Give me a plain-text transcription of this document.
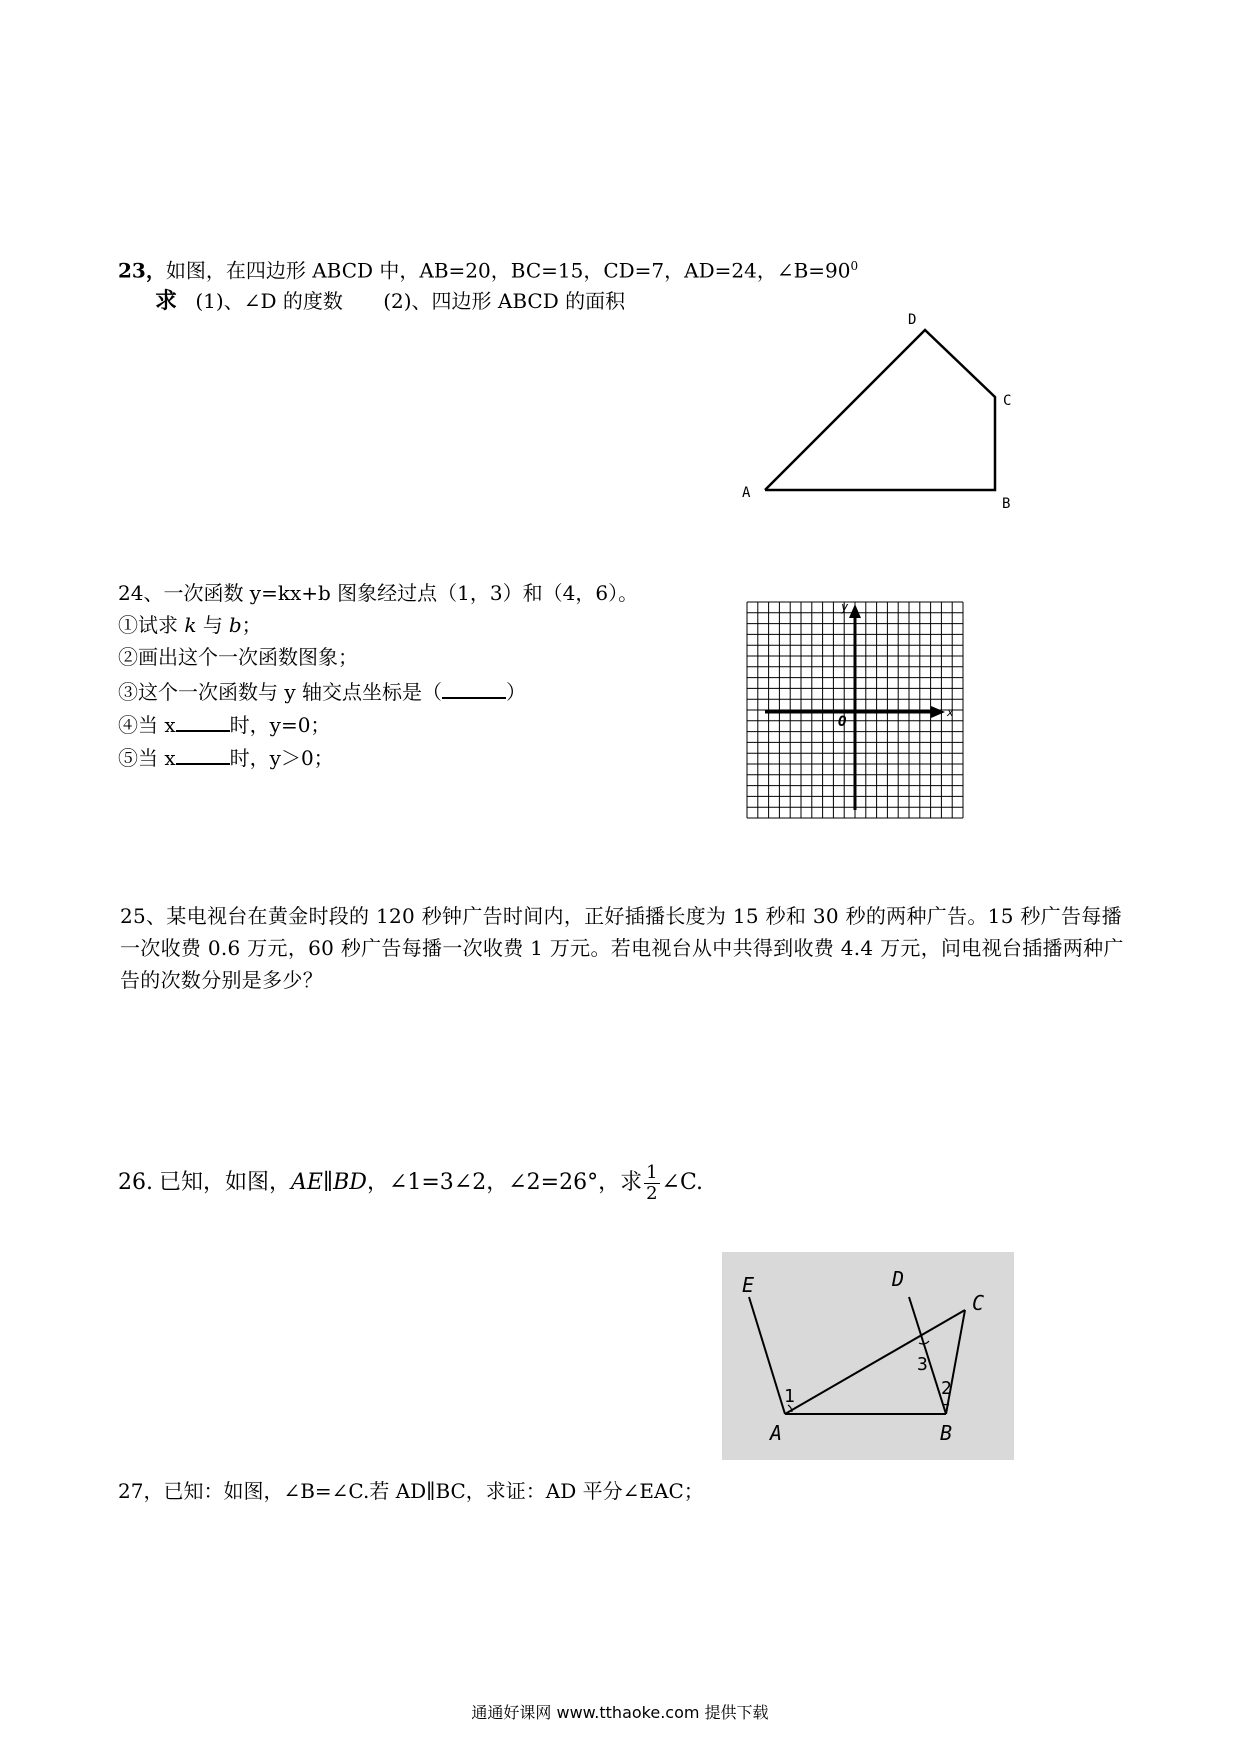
23，如图，在四边形 ABCD 中，AB=20，BC=15，CD=7，AD=24，$\angle B=90^0$
求 (1)、∠D 的度数 (2)、四边形 ABCD 的面积
D
C
A
B
24、一次函数 y=kx+b 图象经过点（1，3）和（4，6）。
①试求 k 与 b；
②画出这个一次函数图象；
③这个一次函数与 y 轴交点坐标是（	）
④当 x	时，y=0；
⑤当 x	时，y＞0；
y
x
O
25、某电视台在黄金时段的 120 秒钟广告时间内，正好插播长度为 15 秒和 30 秒的两种广告。15 秒广告每播一次收费 0.6 万元，60 秒广告每播一次收费 1 万元。若电视台从中共得到收费 4.4 万元，问电视台插播两种广告的次数分别是多少？
26. 已知，如图，AE∥BD，∠1=3∠2，∠2=26°，求 $\frac{1}{2}$ ∠C.
E	D
C
A	B
1	2
3
27，已知：如图，∠B=∠C.若 AD∥BC，求证：AD 平分∠EAC；
通通好课网 www.tthaoke.com 提供下载
